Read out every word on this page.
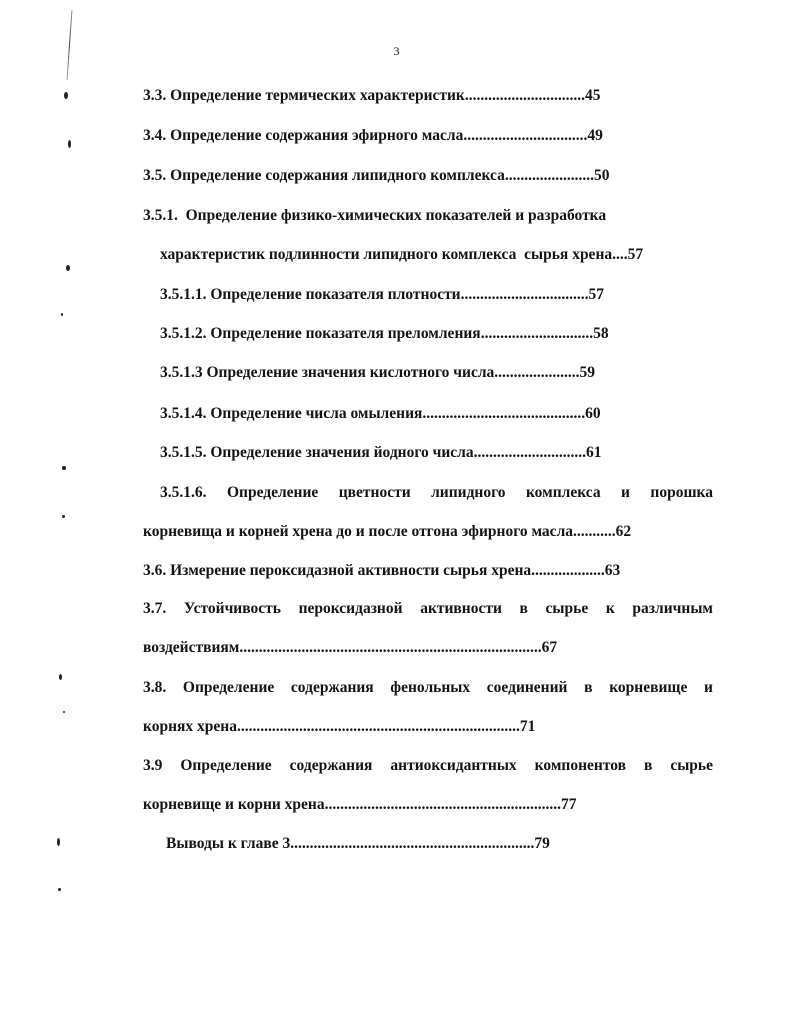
3
3.3. Определение термических характеристик...............................45
3.4. Определение содержания эфирного масла................................49
3.5. Определение содержания липидного комплекса.......................50
3.5.1.  Определение физико-химических показателей и разработка
характеристик подлинности липидного комплекса  сырья хрена....57
3.5.1.1. Определение показателя плотности.................................57
3.5.1.2. Определение показателя преломления.............................58
3.5.1.3 Определение значения кислотного числа......................59
3.5.1.4. Определение числа омыления..........................................60
3.5.1.5. Определение значения йодного числа.............................61
3.5.1.6. Определение цветности липидного комплекса и порошка
корневища и корней хрена до и после отгона эфирного масла...........62
3.6. Измерение пероксидазной активности сырья хрена...................63
3.7. Устойчивость пероксидазной активности в сырье к различным
воздействиям..............................................................................67
3.8. Определение содержания фенольных соединений в корневище и
корнях хрена.........................................................................71
3.9 Определение содержания антиоксидантных компонентов в сырье
корневище и корни хрена.............................................................77
Выводы к главе 3...............................................................79
